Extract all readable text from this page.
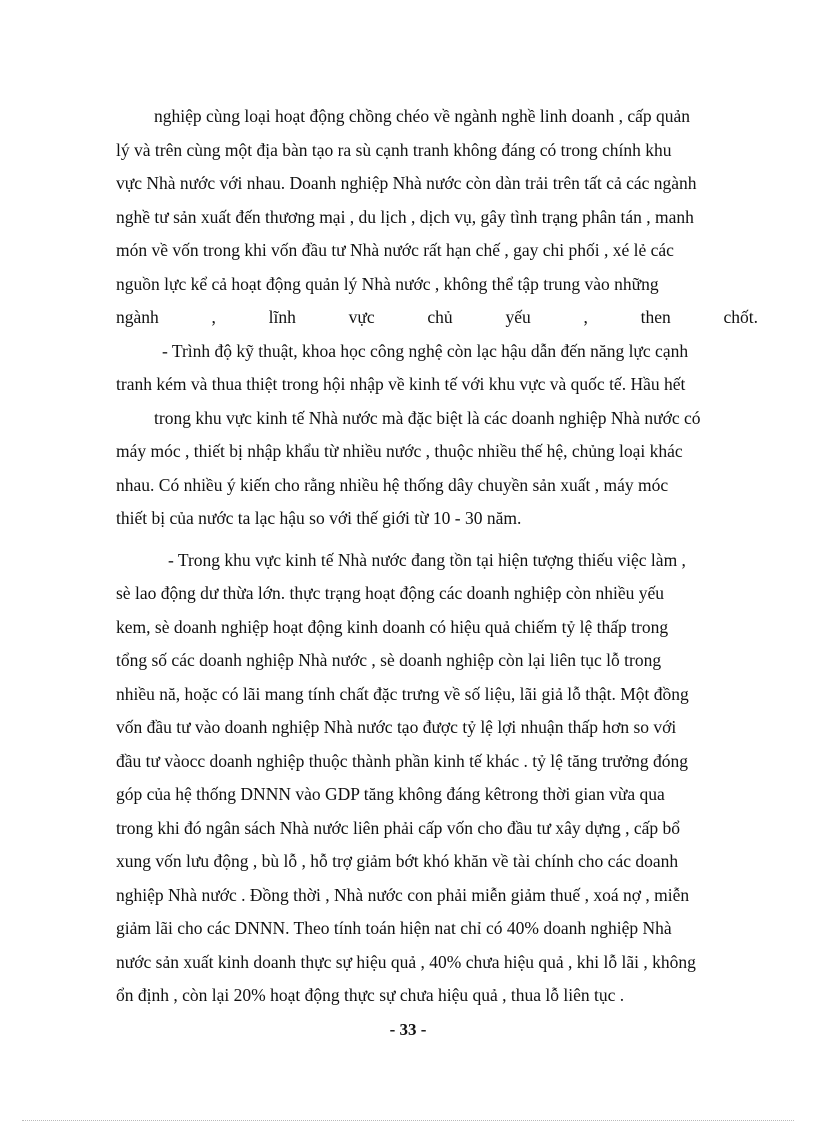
nghiệp cùng loại hoạt động chồng chéo về ngành nghề linh doanh , cấp quản
lý và trên cùng một địa bàn tạo ra sù cạnh tranh không đáng có trong chính khu
vực Nhà nước với nhau. Doanh nghiệp Nhà nước còn dàn trải trên tất cả các ngành
nghề tư sản xuất đến thương mại , du lịch , dịch vụ, gây tình trạng phân tán , manh
món về vốn trong khi vốn đầu tư Nhà nước rất hạn chế , gay chi phối , xé lẻ các
nguồn lực kể cả hoạt động quản lý Nhà nước , không thể tập trung vào những
ngành	,	lĩnh	vực	chủ	yếu	,	then	chốt.
- Trình độ kỹ thuật, khoa học công nghệ còn lạc hậu dẫn đến năng lực cạnh
tranh kém và thua thiệt trong hội nhập về kinh tế với khu vực và quốc tế. Hầu hết
trong khu vực kinh tế Nhà nước mà đặc biệt là các doanh nghiệp Nhà nước có
máy móc , thiết bị nhập khẩu từ nhiều nước , thuộc nhiều thế hệ, chủng loại khác
nhau. Có nhiều ý kiến cho rằng nhiều hệ thống dây chuyền sản xuất , máy móc
thiết bị của nước ta lạc hậu so với thế giới từ 10 - 30 năm.
- Trong khu vực kinh tế Nhà nước đang tồn tại hiện tượng thiếu việc làm ,
sè lao động dư thừa lớn. thực trạng hoạt động các doanh nghiệp còn nhiều yếu
kem, sè doanh nghiệp hoạt động kinh doanh có hiệu quả chiếm tỷ lệ thấp trong
tổng số các doanh nghiệp Nhà nước , sè doanh nghiệp còn lại liên tục lỗ trong
nhiều nă, hoặc có lãi mang tính chất đặc trưng về số liệu, lãi giả lỗ thật. Một đồng
vốn đầu tư vào doanh nghiệp Nhà nước tạo được tỷ lệ lợi nhuận thấp hơn so với
đầu tư vàocc doanh nghiệp thuộc thành phần kinh tế khác . tỷ lệ tăng trưởng đóng
góp của hệ thống DNNN vào GDP tăng không đáng kêtrong thời gian vừa qua
trong khi đó ngân sách Nhà nước liên phải cấp vốn cho đầu tư xây dựng , cấp bổ
xung vốn lưu động , bù lỗ , hỗ trợ giảm bớt khó khăn về tài chính cho các doanh
nghiệp Nhà nước . Đồng thời , Nhà nước con phải miễn giảm thuế , xoá nợ , miễn
giảm lãi cho các DNNN. Theo tính toán hiện nat chỉ có 40% doanh nghiệp Nhà
nước sản xuất kinh doanh thực sự hiệu quả , 40% chưa hiệu quả , khi lỗ lãi , không
ổn định , còn lại 20% hoạt động thực sự chưa hiệu quả , thua lỗ liên tục .
- 33 -
